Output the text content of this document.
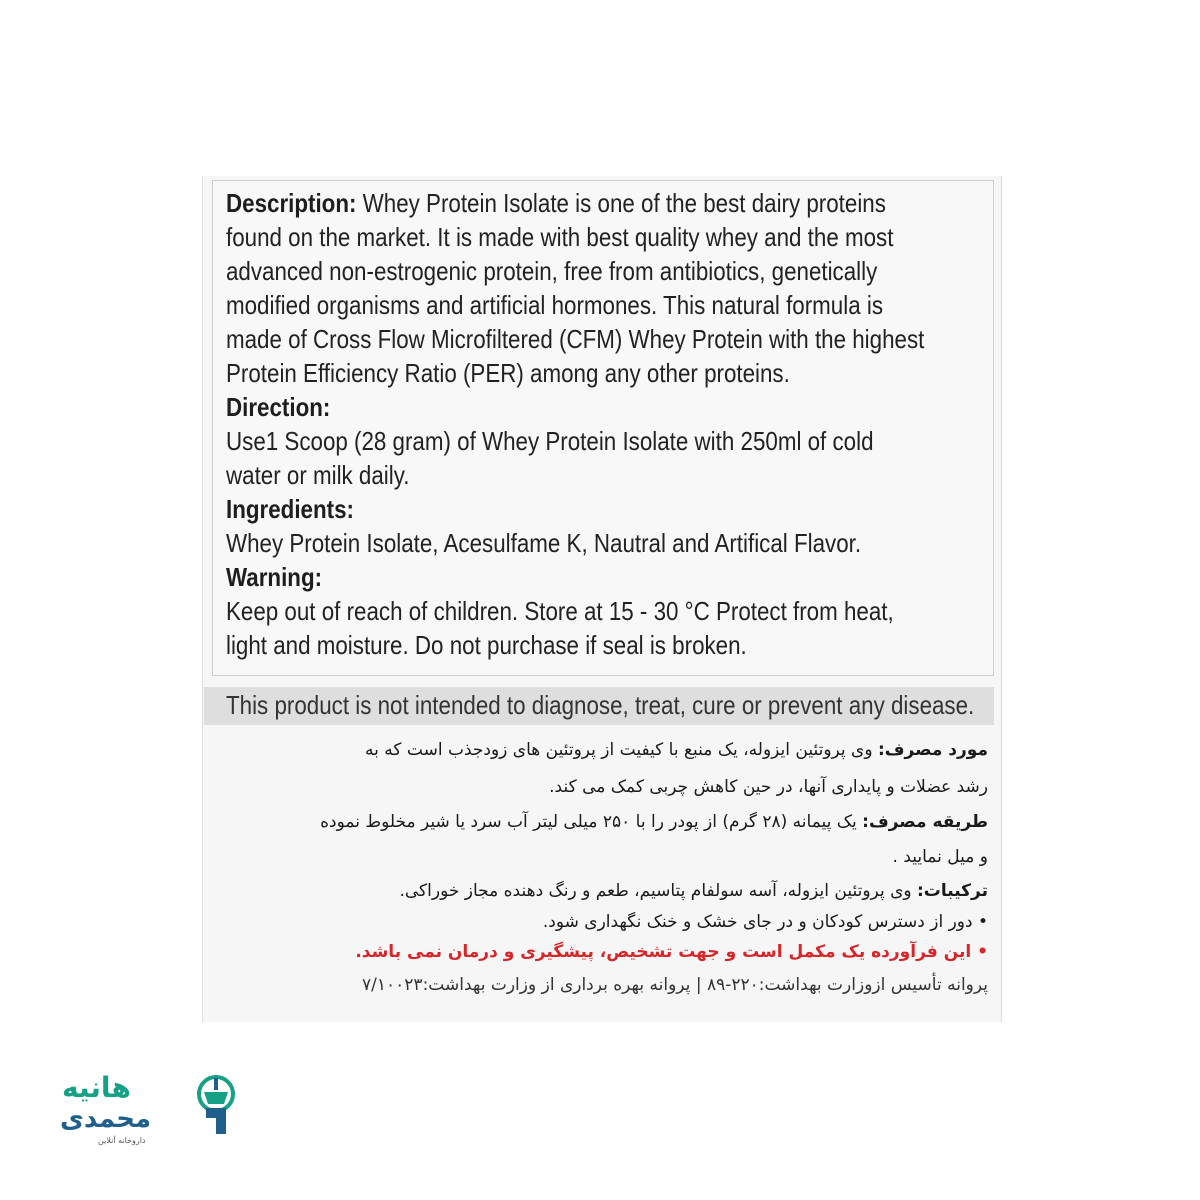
Description: Whey Protein Isolate is one of the best dairy proteins

found on the market. It is made with best quality whey and the most

advanced non-estrogenic protein, free from antibiotics, genetically

modified organisms and artificial hormones. This natural formula is

made of Cross Flow Microfiltered (CFM) Whey Protein with the highest

Protein Efficiency Ratio (PER) among any other proteins.

Direction:

Use1 Scoop (28 gram) of Whey Protein Isolate with 250ml of cold

water or milk daily.

Ingredients:

Whey Protein Isolate, Acesulfame K, Nautral and Artifical Flavor.

Warning:

Keep out of reach of children. Store at 15 - 30 °C Protect from heat,

light and moisture. Do not purchase if seal is broken.

This product is not intended to diagnose, treat, cure or prevent any disease.

مورد مصرف: وی پروتئین ایزوله، یک منبع با کیفیت از پروتئین های زودجذب است که به

رشد عضلات و پایداری آنها، در حین کاهش چربی کمک می کند.

طریقه مصرف: یک پیمانه (۲۸ گرم) از پودر را با ۲۵۰ میلی لیتر آب سرد یا شیر مخلوط نموده

و میل نمایید .

ترکیبات: وی پروتئین ایزوله، آسه سولفام پتاسیم، طعم و رنگ دهنده مجاز خوراکی.

• دور از دسترس کودکان و در جای خشک و خنک نگهداری شود.

• این فرآورده یک مکمل است و جهت تشخیص، پیشگیری و درمان نمی باشد.

پروانه تأسیس ازوزارت بهداشت:۲۲۰-۸۹ | پروانه بهره برداری از وزارت بهداشت:۷/۱۰۰۲۳

هانیه

محمدی

داروخانه آنلاین
